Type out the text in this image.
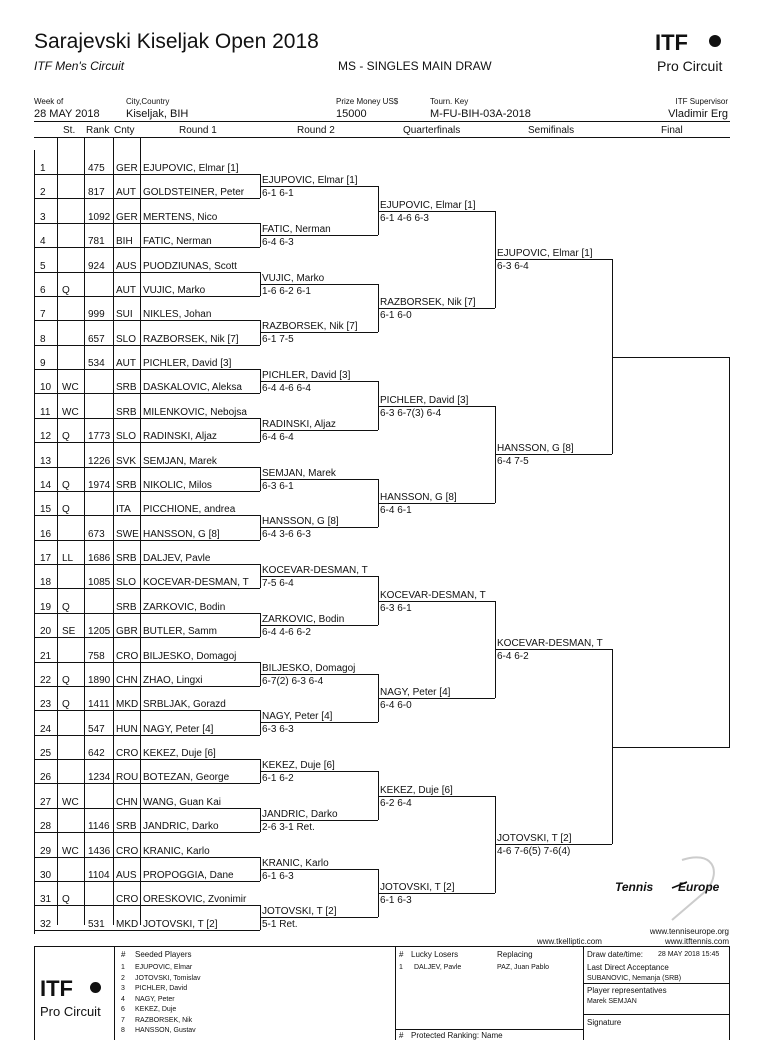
Sarajevski Kiseljak Open 2018
ITF Men's Circuit	MS - SINGLES MAIN DRAW
ITF
Pro Circuit
Week of
28 MAY 2018
City,Country
Kiseljak, BIH
Prize Money US$
15000
Tourn. Key
M-FU-BIH-03A-2018
ITF Supervisor
Vladimir Erg
St. Rank Cnty	Round 1	Round 2	Quarterfinals	Semifinals	Final
1	475 GER EJUPOVIC, Elmar [1]
2	817 AUT GOLDSTEINER, Peter
3	1092 GER MERTENS, Nico
4	781 BIH FATIC, Nerman
5	924 AUS PUODZIUNAS, Scott
6 Q	AUT VUJIC, Marko
7	999 SUI NIKLES, Johan
8	657 SLO RAZBORSEK, Nik [7]
9	534 AUT PICHLER, David [3]
10 WC	SRB DASKALOVIC, Aleksa
11 WC	SRB MILENKOVIC, Nebojsa
12 Q 1773 SLO RADINSKI, Aljaz
13	1226 SVK SEMJAN, Marek
14 Q 1974 SRB NIKOLIC, Milos
15 Q	ITA PICCHIONE, andrea
16	673 SWE HANSSON, G [8]
17 LL 1686 SRB DALJEV, Pavle
18	1085 SLO KOCEVAR-DESMAN, T
19 Q	SRB ZARKOVIC, Bodin
20 SE 1205 GBR BUTLER, Samm
21	758 CRO BILJESKO, Domagoj
22 Q 1890 CHN ZHAO, Lingxi
23 Q 1411 MKD SRBLJAK, Gorazd
24	547 HUN NAGY, Peter [4]
25	642 CRO KEKEZ, Duje [6]
26	1234 ROU BOTEZAN, George
27 WC	CHN WANG, Guan Kai
28	1146 SRB JANDRIC, Darko
29 WC 1436 CRO KRANIC, Karlo
30	1104 AUS PROPOGGIA, Dane
31 Q	CRO ORESKOVIC, Zvonimir
32	531 MKD JOTOVSKI, T [2]
EJUPOVIC, Elmar [1]
6-1 6-1
FATIC, Nerman
6-4 6-3
VUJIC, Marko
1-6 6-2 6-1
RAZBORSEK, Nik [7]
6-1 7-5
PICHLER, David [3]
6-4 4-6 6-4
RADINSKI, Aljaz
6-4 6-4
SEMJAN, Marek
6-3 6-1
HANSSON, G [8]
6-4 3-6 6-3
KOCEVAR-DESMAN, T
7-5 6-4
ZARKOVIC, Bodin
6-4 4-6 6-2
BILJESKO, Domagoj
6-7(2) 6-3 6-4
NAGY, Peter [4]
6-3 6-3
KEKEZ, Duje [6]
6-1 6-2
JANDRIC, Darko
2-6 3-1 Ret.
KRANIC, Karlo
6-1 6-3
JOTOVSKI, T [2]
5-1 Ret.
EJUPOVIC, Elmar [1]
6-1 4-6 6-3
RAZBORSEK, Nik [7]
6-1 6-0
PICHLER, David [3]
6-3 6-7(3) 6-4
HANSSON, G [8]
6-4 6-1
KOCEVAR-DESMAN, T
6-3 6-1
NAGY, Peter [4]
6-4 6-0
KEKEZ, Duje [6]
6-2 6-4
JOTOVSKI, T [2]
6-1 6-3
EJUPOVIC, Elmar [1]
6-3 6-4
HANSSON, G [8]
6-4 7-5
KOCEVAR-DESMAN, T
6-4 6-2
JOTOVSKI, T [2]
4-6 7-6(5) 7-6(4)
Tennis Europe
www.tenniseurope.org
www.itftennis.com
www.tkelliptic.com
ITF
Pro Circuit
# Seeded Players
1 EJUPOVIC, Elmar
2 JOTOVSKI, Tomislav
3 PICHLER, David
4 NAGY, Peter
6 KEKEZ, Duje
7 RAZBORSEK, Nik
8 HANSSON, Gustav
# Lucky Losers	Replacing
1 DALJEV, Pavle	PAZ, Juan Pablo
# Protected Ranking: Name
Draw date/time: 28 MAY 2018 15:45
Last Direct Acceptance
SUBANOVIC, Nemanja (SRB)
Player representatives
Marek SEMJAN
Signature
